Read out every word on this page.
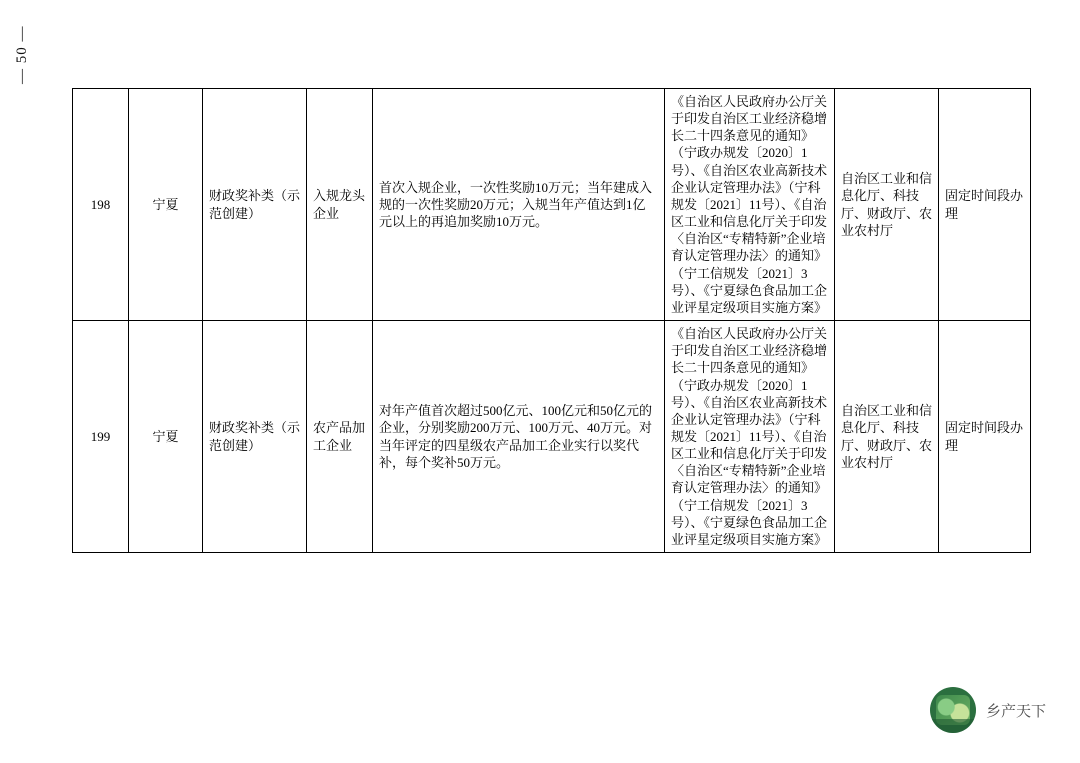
— 50 —
198	宁夏	财政奖补类（示范创建）	入规龙头企业	首次入规企业，一次性奖励10万元；当年建成入规的一次性奖励20万元；入规当年产值达到1亿元以上的再追加奖励10万元。	《自治区人民政府办公厅关于印发自治区工业经济稳增长二十四条意见的通知》（宁政办规发〔2020〕1号）、《自治区农业高新技术企业认定管理办法》（宁科规发〔2021〕11号）、《自治区工业和信息化厅关于印发〈自治区“专精特新”企业培育认定管理办法〉的通知》（宁工信规发〔2021〕3号）、《宁夏绿色食品加工企业评星定级项目实施方案》	自治区工业和信息化厅、科技厅、财政厅、农业农村厅	固定时间段办理
199	宁夏	财政奖补类（示范创建）	农产品加工企业	对年产值首次超过500亿元、100亿元和50亿元的企业，分别奖励200万元、100万元、40万元。对当年评定的四星级农产品加工企业实行以奖代补，每个奖补50万元。	《自治区人民政府办公厅关于印发自治区工业经济稳增长二十四条意见的通知》（宁政办规发〔2020〕1号）、《自治区农业高新技术企业认定管理办法》（宁科规发〔2021〕11号）、《自治区工业和信息化厅关于印发〈自治区“专精特新”企业培育认定管理办法〉的通知》（宁工信规发〔2021〕3号）、《宁夏绿色食品加工企业评星定级项目实施方案》	自治区工业和信息化厅、科技厅、财政厅、农业农村厅	固定时间段办理
乡产天下
